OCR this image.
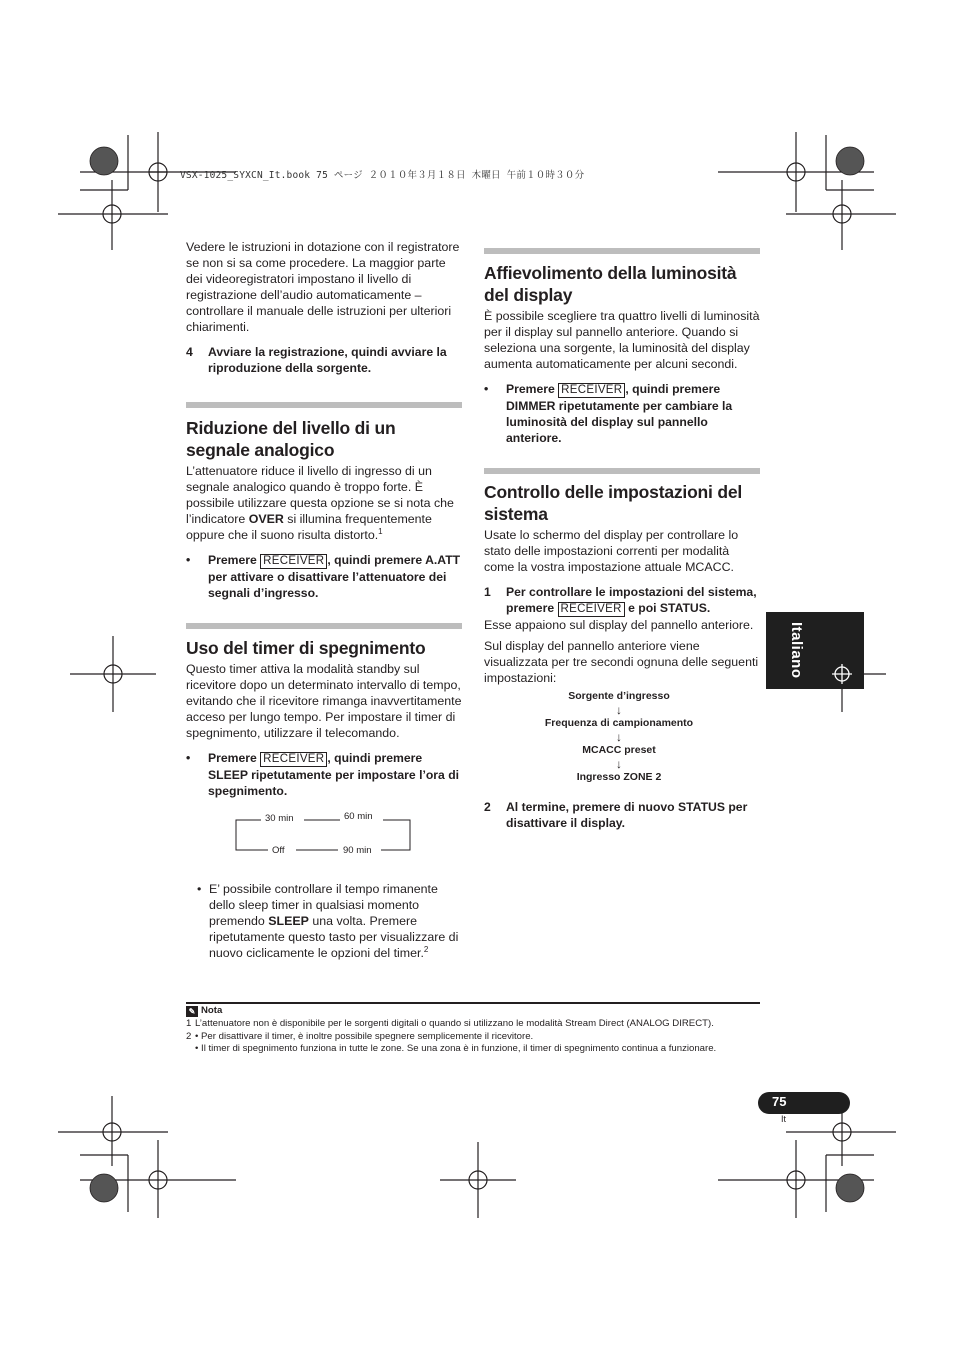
VSX-1025_SYXCN_It.book 75 ページ ２０１０年３月１８日 木曜日 午前１０時３０分

Vedere le istruzioni in dotazione con il registratore se non si sa come procedere. La maggior parte dei videoregistratori impostano il livello di registrazione dell’audio automaticamente – controllare il manuale delle istruzioni per ulteriori chiarimenti.

4	Avviare la registrazione, quindi avviare la riproduzione della sorgente.
Riduzione del livello di un segnale analogico

L’attenuatore riduce il livello di ingresso di un segnale analogico quando è troppo forte. È possibile utilizzare questa opzione se si nota che l’indicatore OVER si illumina frequentemente oppure che il suono risulta distorto.$^1$

•	Premere RECEIVER , quindi premere A.ATT per attivare o disattivare l’attenuatore dei segnali d’ingresso.
Uso del timer di spegnimento

Questo timer attiva la modalità standby sul ricevitore dopo un determinato intervallo di tempo, evitando che il ricevitore rimanga inavvertitamente acceso per lungo tempo. Per impostare il timer di spegnimento, utilizzare il telecomando.

•	Premere RECEIVER , quindi premere SLEEP ripetutamente per impostare l’ora di spegnimento.
30 min	60 min
Off	90 min
• E’ possibile controllare il tempo rimanente dello sleep timer in qualsiasi momento premendo SLEEP una volta. Premere ripetutamente questo tasto per visualizzare di nuovo ciclicamente le opzioni del timer.$^2$
Affievolimento della luminosità del display

È possibile scegliere tra quattro livelli di luminosità per il display sul pannello anteriore. Quando si seleziona una sorgente, la luminosità del display aumenta automaticamente per alcuni secondi.

•	Premere RECEIVER , quindi premere DIMMER ripetutamente per cambiare la luminosità del display sul pannello anteriore.
Controllo delle impostazioni del sistema

Usate lo schermo del display per controllare lo stato delle impostazioni correnti per modalità come la vostra impostazione attuale MCACC.

1	Per controllare le impostazioni del sistema, premere RECEIVER e poi STATUS.

Esse appaiono sul display del pannello anteriore.

Sul display del pannello anteriore viene visualizzata per tre secondi ognuna delle seguenti impostazioni:

Sorgente d’ingresso
↓
Frequenza di campionamento
↓
MCACC preset
↓
Ingresso ZONE 2
2	Al termine, premere di nuovo STATUS per disattivare il display.
Italiano
✎ Nota
1 L’attenuatore non è disponibile per le sorgenti digitali o quando si utilizzano le modalità Stream Direct (ANALOG DIRECT).
2 • Per disattivare il timer, è inoltre possibile spegnere semplicemente il ricevitore.
• Il timer di spegnimento funziona in tutte le zone. Se una zona è in funzione, il timer di spegnimento continua a funzionare.
75
It
